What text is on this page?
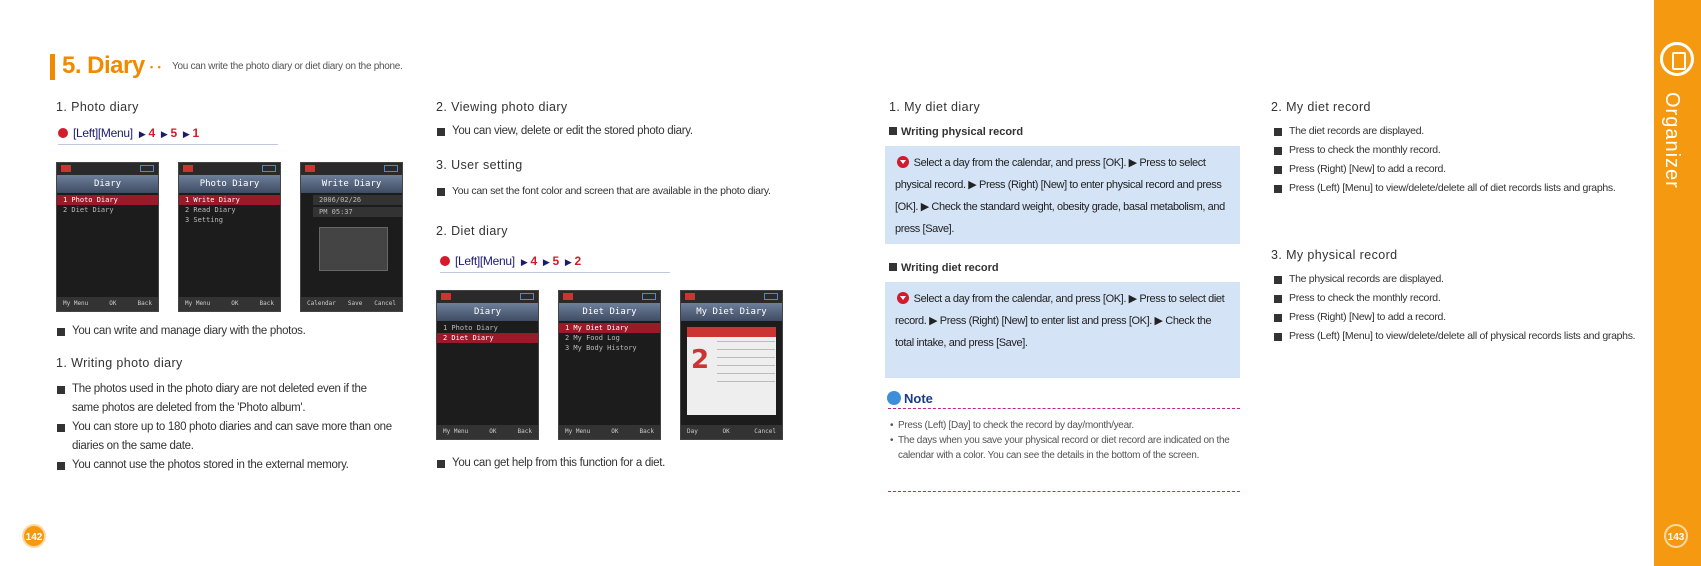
5. Diary • • You can write the photo diary or diet diary on the phone.
1. Photo diary
[Left][Menu] ▶ 4 ▶ 5 ▶ 1
Diary
1 Photo Diary
2 Diet Diary
My Menu	OK	Back
Photo Diary
1 Write Diary
2 Read Diary
3 Setting
My Menu	OK	Back
Write Diary
2006/02/26
PM 05:37
Calendar Save Cancel
You can write and manage diary with the photos.
1. Writing photo diary
The photos used in the photo diary are not deleted even if the same photos are deleted from the 'Photo album'.
You can store up to 180 photo diaries and can save more than one diaries on the same date.
You cannot use the photos stored in the external memory.
2. Viewing photo diary
You can view, delete or edit the stored photo diary.
3. User setting
You can set the font color and screen that are available in the photo diary.
2. Diet diary
[Left][Menu] ▶ 4 ▶ 5 ▶ 2
Diary
1 Photo Diary
2 Diet Diary
My Menu	OK	Back
Diet Diary
1 My Diet Diary
2 My Food Log
3 My Body History
My Menu	OK	Back
My Diet Diary
2
Day	OK	Cancel
You can get help from this function for a diet.
1. My diet diary
Writing physical record
Select a day from the calendar, and press [OK]. ▶ Press to select physical record. ▶ Press (Right) [New] to enter physical record and press [OK]. ▶ Check the standard weight, obesity grade, basal metabolism, and press [Save].
Writing diet record
Select a day from the calendar, and press [OK]. ▶ Press to select diet record. ▶ Press (Right) [New] to enter list and press [OK]. ▶ Check the total intake, and press [Save].
Note
• Press (Left) [Day] to check the record by day/month/year.
• The days when you save your physical record or diet record are indicated on the calendar with a color. You can see the details in the bottom of the screen.
2. My diet record
The diet records are displayed.
Press to check the monthly record.
Press (Right) [New] to add a record.
Press (Left) [Menu] to view/delete/delete all of diet records lists and graphs.
3. My physical record
The physical records are displayed.
Press to check the monthly record.
Press (Right) [New] to add a record.
Press (Left) [Menu] to view/delete/delete all of physical records lists and graphs.
Organizer
142	143
